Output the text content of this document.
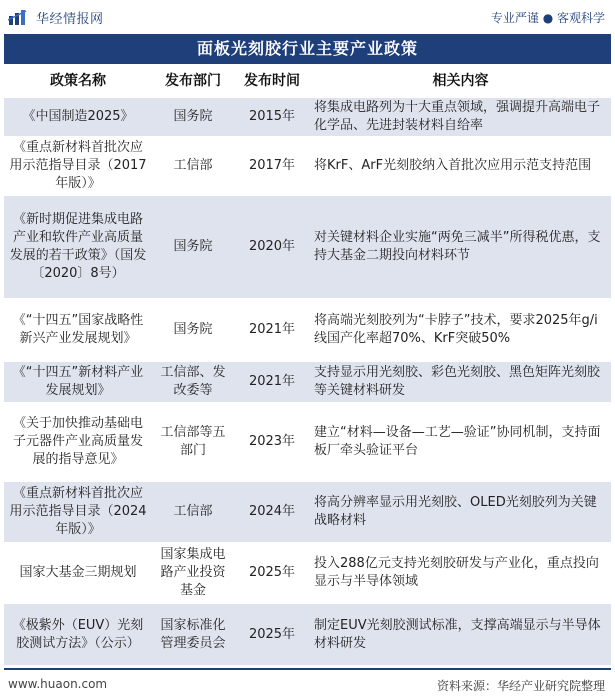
华经情报网	专业严谨 ● 客观科学
面板光刻胶行业主要产业政策
政策名称	发布部门	发布时间	相关内容
《中国制造2025》	国务院	2015年	将集成电路列为十大重点领域，强调提升高端电子化学品、先进封装材料自给率
《重点新材料首批次应用示范指导目录（2017年版）》	工信部	2017年	将KrF、ArF光刻胶纳入首批次应用示范支持范围
《新时期促进集成电路产业和软件产业高质量发展的若干政策》（国发〔2020〕8号）	国务院	2020年	对关键材料企业实施“两免三减半”所得税优惠，支持大基金二期投向材料环节
《“十四五”国家战略性新兴产业发展规划》	国务院	2021年	将高端光刻胶列为“卡脖子”技术，要求2025年g/i线国产化率超70%、KrF突破50%
《“十四五”新材料产业发展规划》	工信部、发改委等	2021年	支持显示用光刻胶、彩色光刻胶、黑色矩阵光刻胶等关键材料研发
《关于加快推动基础电子元器件产业高质量发展的指导意见》	工信部等五部门	2023年	建立“材料—设备—工艺—验证”协同机制，支持面板厂牵头验证平台
《重点新材料首批次应用示范指导目录（2024年版）》	工信部	2024年	将高分辨率显示用光刻胶、OLED光刻胶列为关键战略材料
国家大基金三期规划	国家集成电路产业投资基金	2025年	投入288亿元支持光刻胶研发与产业化，重点投向显示与半导体领域
《极紫外（EUV）光刻胶测试方法》（公示）	国家标准化管理委员会	2025年	制定EUV光刻胶测试标准，支撑高端显示与半导体材料研发
www.huaon.com	资料来源：华经产业研究院整理
